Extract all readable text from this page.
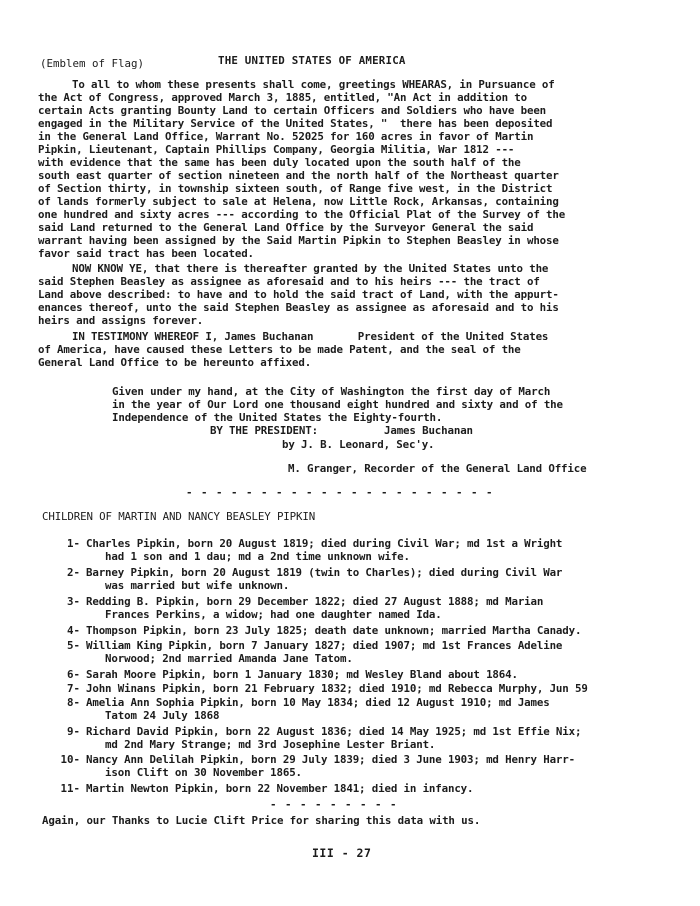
(Emblem of Flag)	THE UNITED STATES OF AMERICA
To all to whom these presents shall come, greetings WHEARAS, in Pursuance of
the Act of Congress, approved March 3, 1885, entitled, "An Act in addition to
certain Acts granting Bounty Land to certain Officers and Soldiers who have been
engaged in the Military Service of the United States, "  there has been deposited
in the General Land Office, Warrant No. 52025 for 160 acres in favor of Martin
Pipkin, Lieutenant, Captain Phillips Company, Georgia Militia, War 1812 ---
with evidence that the same has been duly located upon the south half of the
south east quarter of section nineteen and the north half of the Northeast quarter
of Section thirty, in township sixteen south, of Range five west, in the District
of lands formerly subject to sale at Helena, now Little Rock, Arkansas, containing
one hundred and sixty acres --- according to the Official Plat of the Survey of the
said Land returned to the General Land Office by the Surveyor General the said
warrant having been assigned by the Said Martin Pipkin to Stephen Beasley in whose
favor said tract has been located.
NOW KNOW YE, that there is thereafter granted by the United States unto the
said Stephen Beasley as assignee as aforesaid and to his heirs --- the tract of
Land above described: to have and to hold the said tract of Land, with the appurt-
enances thereof, unto the said Stephen Beasley as assignee as aforesaid and to his
heirs and assigns forever.
IN TESTIMONY WHEREOF I, James Buchanan       President of the United States
of America, have caused these Letters to be made Patent, and the seal of the
General Land Office to be hereunto affixed.
Given under my hand, at the City of Washington the first day of March
in the year of Our Lord one thousand eight hundred and sixty and of the
Independence of the United States the Eighty-fourth.
BY THE PRESIDENT:	James Buchanan
by J. B. Leonard, Sec'y.
M. Granger, Recorder of the General Land Office
- - - - - - - - - - - - - - - - - - - - -
CHILDREN OF MARTIN AND NANCY BEASLEY PIPKIN
1- Charles Pipkin, born 20 August 1819; died during Civil War; md 1st a Wright
had 1 son and 1 dau; md a 2nd time unknown wife.
2- Barney Pipkin, born 20 August 1819 (twin to Charles); died during Civil War
was married but wife unknown.
3- Redding B. Pipkin, born 29 December 1822; died 27 August 1888; md Marian
Frances Perkins, a widow; had one daughter named Ida.
4- Thompson Pipkin, born 23 July 1825; death date unknown; married Martha Canady.
5- William King Pipkin, born 7 January 1827; died 1907; md 1st Frances Adeline
Norwood; 2nd married Amanda Jane Tatom.
6- Sarah Moore Pipkin, born 1 January 1830; md Wesley Bland about 1864.
7- John Winans Pipkin, born 21 February 1832; died 1910; md Rebecca Murphy, Jun 59
8- Amelia Ann Sophia Pipkin, born 10 May 1834; died 12 August 1910; md James
Tatom 24 July 1868
9- Richard David Pipkin, born 22 August 1836; died 14 May 1925; md 1st Effie Nix;
md 2nd Mary Strange; md 3rd Josephine Lester Briant.
10- Nancy Ann Delilah Pipkin, born 29 July 1839; died 3 June 1903; md Henry Harr-
ison Clift on 30 November 1865.
11- Martin Newton Pipkin, born 22 November 1841; died in infancy.
- - - - - - - - -
Again, our Thanks to Lucie Clift Price for sharing this data with us.
III - 27
